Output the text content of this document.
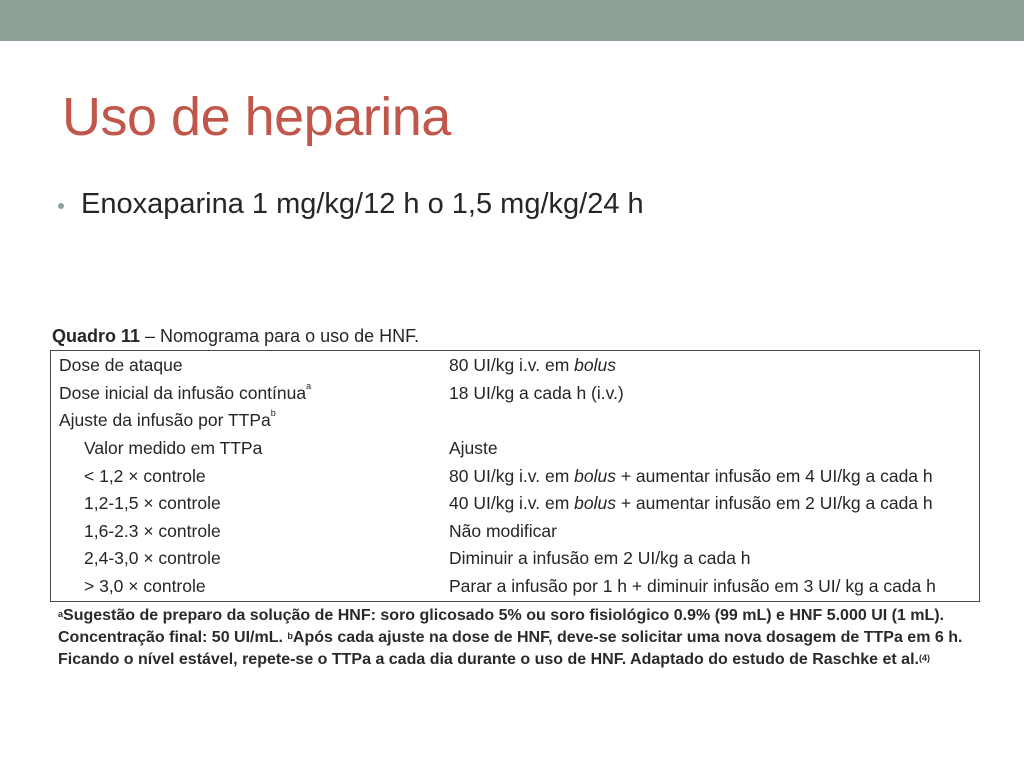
Uso de heparina
Enoxaparina 1 mg/kg/12 h o 1,5 mg/kg/24 h
Quadro 11 – Nomograma para o uso de HNF.
Dose de ataque	80 UI/kg i.v. em bolus
Dose inicial da infusão contínua$^a$	18 UI/kg a cada h (i.v.)
Ajuste da infusão por TTPa$^b$
Valor medido em TTPa	Ajuste
< 1,2 × controle	80 UI/kg i.v. em bolus + aumentar infusão em 4 UI/kg a cada h
1,2-1,5 × controle	40 UI/kg i.v. em bolus + aumentar infusão em 2 UI/kg a cada h
1,6-2.3 × controle	Não modificar
2,4-3,0 × controle	Diminuir a infusão em 2 UI/kg a cada h
> 3,0 × controle	Parar a infusão por 1 h + diminuir infusão em 3 UI/ kg a cada h
$^a$Sugestão de preparo da solução de HNF: soro glicosado 5% ou soro fisiológico 0.9% (99 mL) e HNF 5.000 UI (1 mL).
Concentração final: 50 UI/mL. $^b$Após cada ajuste na dose de HNF, deve-se solicitar uma nova dosagem de TTPa em 6 h.
Ficando o nível estável, repete-se o TTPa a cada dia durante o uso de HNF. Adaptado do estudo de Raschke et al.$^{(4)}$
